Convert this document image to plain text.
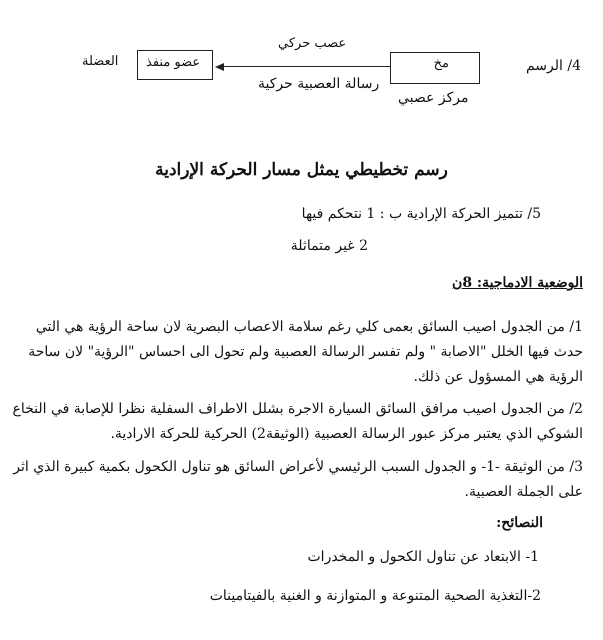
4/ الرسم
مخ
مركز عصبي
عصب حركي
رسالة العصبية حركية
عضو منفذ
العضلة
رسم تخطيطي يمثل مسار الحركة الإرادية
5/ تتميز الحركة الإرادية ب : 1 نتحكم فيها
2 غير متماثلة
الوضعية الادماجية: 8ن
1/ من الجدول اصيب السائق بعمى كلي رغم سلامة الاعصاب البصرية لان ساحة الرؤية هي التي حدث فيها الخلل "الاصابة " ولم تفسر الرسالة العصبية ولم تحول الى احساس "الرؤية" لان ساحة الرؤية هي المسؤول عن ذلك.
2/ من الجدول اصيب مرافق السائق السيارة الاجرة بشلل الاطراف السفلية نظرا للإصابة في النخاع الشوكي الذي يعتبر مركز عبور الرسالة العصبية (الوثيقة2) الحركية للحركة الارادية.
3/ من الوثيقة -1- و الجدول السبب الرئيسي لأعراض السائق هو تناول الكحول بكمية كبيرة الذي اثر على الجملة العصبية.
النصائح:
1- الابتعاد عن تناول الكحول و المخدرات
2-التغذية الصحية المتنوعة و المتوازنة و الغنية بالفيتامينات
